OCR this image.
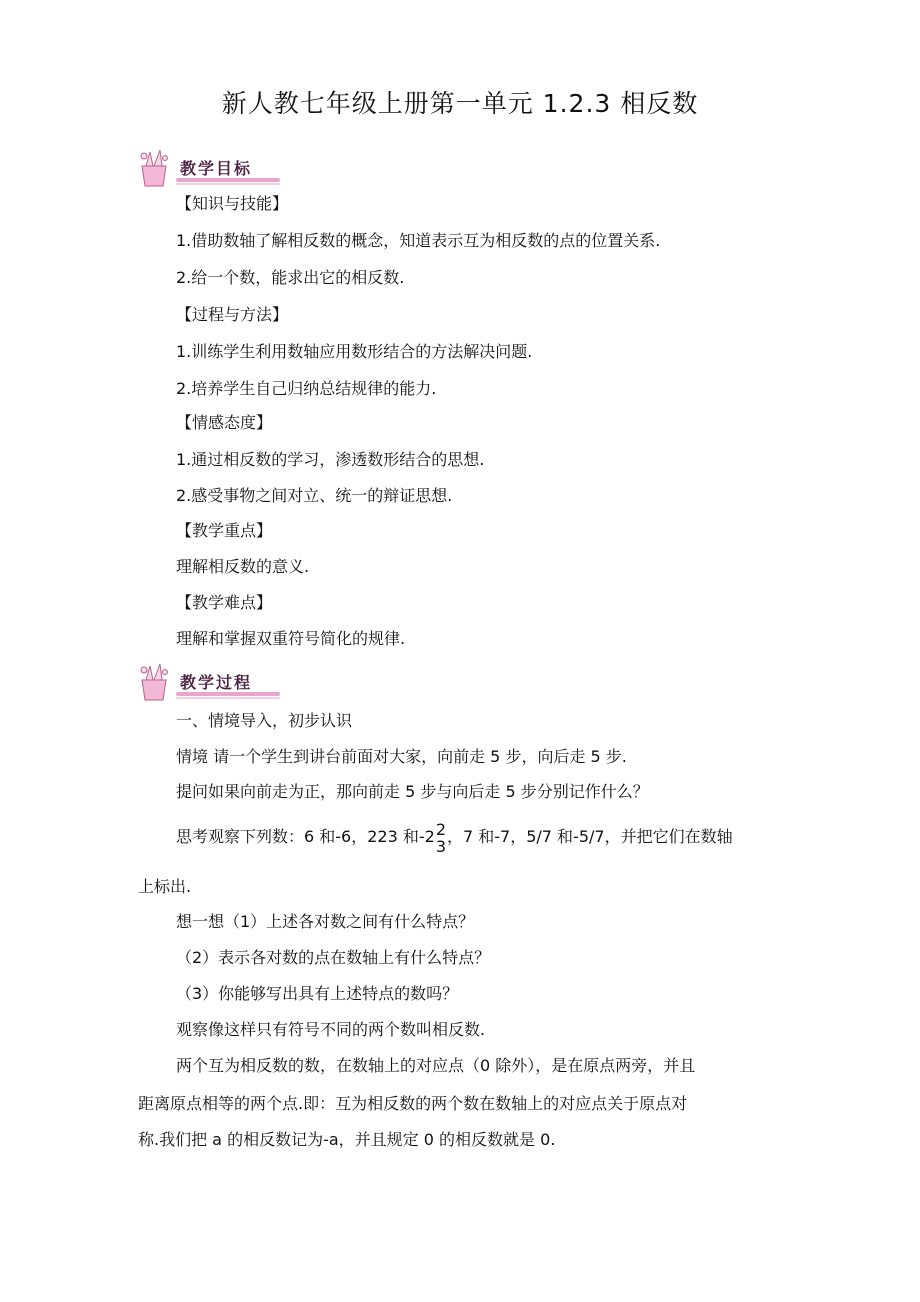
新人教七年级上册第一单元 1.2.3 相反数
教学目标
【知识与技能】
1.借助数轴了解相反数的概念，知道表示互为相反数的点的位置关系.
2.给一个数，能求出它的相反数.
【过程与方法】
1.训练学生利用数轴应用数形结合的方法解决问题.
2.培养学生自己归纳总结规律的能力.
【情感态度】
1.通过相反数的学习，渗透数形结合的思想.
2.感受事物之间对立、统一的辩证思想.
【教学重点】
理解相反数的意义.
【教学难点】
理解和掌握双重符号简化的规律.
教学过程
一、情境导入，初步认识
情境 请一个学生到讲台前面对大家，向前走 5 步，向后走 5 步.
提问如果向前走为正，那向前走 5 步与向后走 5 步分别记作什么？
思考观察下列数：6 和-6，223 和-2 2
3 ，7 和-7，5/7 和-5/7，并把它们在数轴
上标出.
想一想（1）上述各对数之间有什么特点？
（2）表示各对数的点在数轴上有什么特点？
（3）你能够写出具有上述特点的数吗？
观察像这样只有符号不同的两个数叫相反数.
两个互为相反数的数，在数轴上的对应点（0 除外），是在原点两旁，并且
距离原点相等的两个点.即：互为相反数的两个数在数轴上的对应点关于原点对
称.我们把 a 的相反数记为-a，并且规定 0 的相反数就是 0.
